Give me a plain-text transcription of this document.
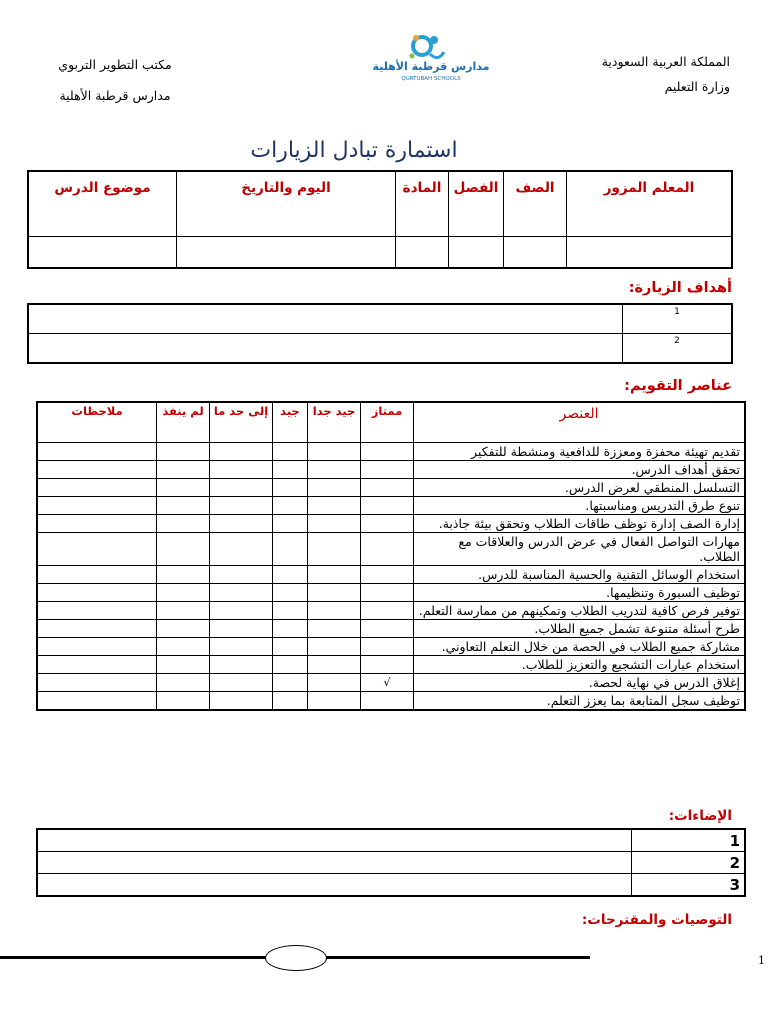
المملكة العربية السعودية
وزارة التعليم
مكتب التطوير التربوي
مدارس قرطبة الأهلية
مدارس قرطبة الأهلية
QURTUBAH SCHOOLS
استمارة تبادل الزيارات
المعلم المزور	الصف	الفصل	المادة	اليوم والتاريخ	موضوع الدرس

أهداف الزيارة:
1	
2	
عناصر التقويم:
العنصر	ممتاز	جيد جدا	جيد	إلى حد ما	لم ينفذ	ملاحظات
تقديم تهيئة محفزة ومعززة للدافعية ومنشطة للتفكير						
تحقق أهداف الدرس.						
التسلسل المنطقي لعرض الدرس.						
تنوع طرق التدريس ومناسبتها.						
إدارة الصف إدارة توظف طاقات الطلاب وتحقق بيئة جاذبة.						
مهارات التواصل الفعال في عرض الدرس والعلاقات مع الطلاب.						
استخدام الوسائل التقنية والحسية المناسبة للدرس.						
توظيف السبورة وتنظيمها.						
توفير فرص كافية لتدريب الطلاب وتمكينهم من ممارسة التعلم.						
طرح أسئلة متنوعة تشمل جميع الطلاب.						
مشاركة جميع الطلاب في الحصة من خلال التعلم التعاوني.						
استخدام عبارات التشجيع والتعزيز للطلاب.						
إغلاق الدرس في نهاية لحصة.	√					
توظيف سجل المتابعة بما يعزز التعلم.						
الإضاءات:
1	
2	
3	
التوصيات والمقترحات:
1
